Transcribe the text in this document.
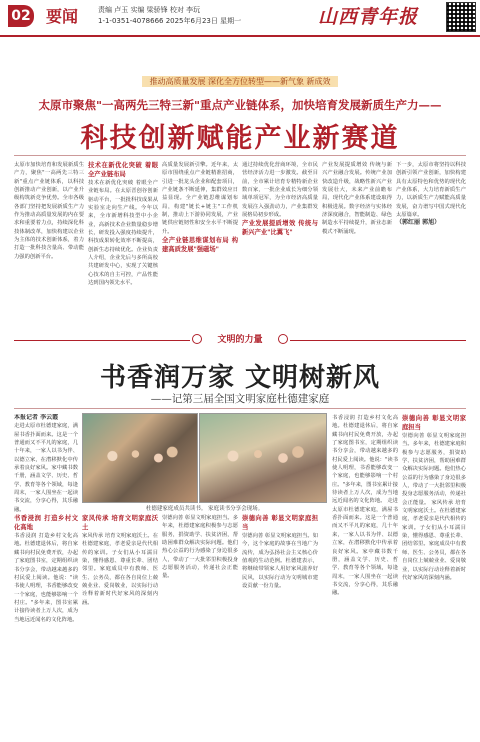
02 要闻	责编 卢玉 实编 梁骄锋 校对 李玩
1-1-0351-4078666 2025年6月23日 星期一	山西青年报
推动高质量发展 深化全方位转型——新气象 新成效
太原市聚焦"一高两先三特三新"重点产业链体系，加快培育发展新质生产力——
科技创新赋能产业新赛道
太原市加快培育和发展新质生产力，聚焦"一高两先三特三新"重点产业链体系，以科技创新推动产业创新，以产业升级构筑新竞争优势。全市各级各部门坚持把发展新质生产力作为推动高质量发展的内在要求和重要着力点，持续深化科技体制改革，加快构建以企业为主体的技术创新体系，着力打造一批科技含量高、带动能力强的创新平台。
技术在新优化突破 着眼全产业链布局
技术在新优化突破 着眼全产业链布局。在太原晋创谷创新驱动平台，一批批科技成果从实验室走向生产线。今年以来，全市新增科技型中小企业，高新技术企业数量稳步增长，研发投入强度持续提升，科技成果转化效率不断提高，创新生态持续优化。企业负责人介绍，企业先后与多所高校共建研发中心，实现了关键核心技术的自主可控，产品性能达到国内领先水平。
高质量发展新引擎。近年来，太原市围绕重点产业链精准招商，引进一批龙头企业和配套项目，产业链条不断延伸，集群效应日益显现。全产业链思维谋划布局，构建"链长+链主"工作机制，推动上下游协同发展，产业链供应链韧性和安全水平不断提升。
全产业链思维谋划布局 构建高质发展"强磁场"
通过持续优化营商环境，全市民营经济活力进一步激发。截至目前，全市累计培育专精特新企业数百家，一批企业成长为细分领域单项冠军，为全市经济高质量发展注入强劲动力，产业集群发展格局初步形成。
产业发展提质增效 传统与新兴产业"比翼飞"
产业发展提质增效 传统与新兴产业融合发展。传统产业加快改造升级，战略性新兴产业发展壮大，未来产业前瞻布局，现代化产业体系建设取得积极进展。数字经济与实体经济深度融合，智能制造、绿色制造水平持续提升，新业态新模式不断涌现。
下一步，太原市将坚持以科技创新引领产业创新，加快构建具有太原特色和优势的现代化产业体系，大力培育新质生产力，以新质生产力赋能高质量发展，奋力谱写中国式现代化太原篇章。
（郭红丽 郭旭）
文明的力量
书香润万家 文明树新风
——记第三届全国文明家庭杜德建家庭
本报记者 李云霞
走进太原市杜德建家庭，满屋书香扑面而来。这是一个普通而又不平凡的家庭，几十年来，一家人以书为伴、以德立家，在潜移默化中传承着良好家风。家中藏书数千册，涵盖文学、历史、哲学、教育等各个领域，每逢周末，一家人围坐在一起读书交流，分享心得，其乐融融。
书香浸润 打造乡村文化高地
书香浸润 打造乡村文化高地。杜德建退休后，将自家藏书向村民免费开放，办起了家庭图书室，定期组织读书分享会，带动越来越多的村民爱上阅读。他说："读书使人明理，书香能够改变一个家庭，也能够影响一个村庄。"多年来，图书室累计接待读者上万人次，成为当地远近闻名的文化阵地。
杜德建家庭成员共读书。 家庭读书分享会现场。
家风传承 培育文明家庭沃土
家风传承 培育文明家庭沃土。在杜德建家庭，孝老爱亲是代代相传的家训。子女们从小耳濡目染，懂得感恩、尊重长辈、团结邻里。家庭成员中有教师、医生、公务员，都在各自岗位上兢兢业业、爱岗敬业，以实际行动诠释着新时代好家风的深刻内涵。
崇德向善 彰显文明家庭担当。多年来，杜德建家庭积极参与志愿服务，捐资助学、扶贫济困，帮助困难群众解决实际问题。他们热心公益的行为感染了身边很多人，带动了一大批邻里积极投身志愿服务活动，传递社会正能量。
崇德向善 彰显文明家庭担当
崇德向善 彰显文明家庭担当。如今，这个家庭的故事在当地广为流传，成为弘扬社会主义核心价值观的生动范例。杜德建表示，将继续带领家人用好家风滋养好民风，以实际行动为文明城市建设贡献一份力量。
书香浸润 打造乡村文化高地。杜德建退休后，将自家藏书向村民免费开放，办起了家庭图书室，定期组织读书分享会，带动越来越多的村民爱上阅读。他说："读书使人明理，书香能够改变一个家庭，也能够影响一个村庄。"多年来，图书室累计接待读者上万人次，成为当地远近闻名的文化阵地。 走进太原市杜德建家庭，满屋书香扑面而来。这是一个普通而又不平凡的家庭，几十年来，一家人以书为伴、以德立家，在潜移默化中传承着良好家风。家中藏书数千册，涵盖文学、历史、哲学、教育等各个领域，每逢周末，一家人围坐在一起读书交流，分享心得，其乐融融。
崇德向善 彰显文明家庭担当
崇德向善 彰显文明家庭担当。多年来，杜德建家庭积极参与志愿服务，捐资助学、扶贫济困，帮助困难群众解决实际问题。他们热心公益的行为感染了身边很多人，带动了一大批邻里积极投身志愿服务活动，传递社会正能量。 家风传承 培育文明家庭沃土。在杜德建家庭，孝老爱亲是代代相传的家训。子女们从小耳濡目染，懂得感恩、尊重长辈、团结邻里。家庭成员中有教师、医生、公务员，都在各自岗位上兢兢业业、爱岗敬业，以实际行动诠释着新时代好家风的深刻内涵。
